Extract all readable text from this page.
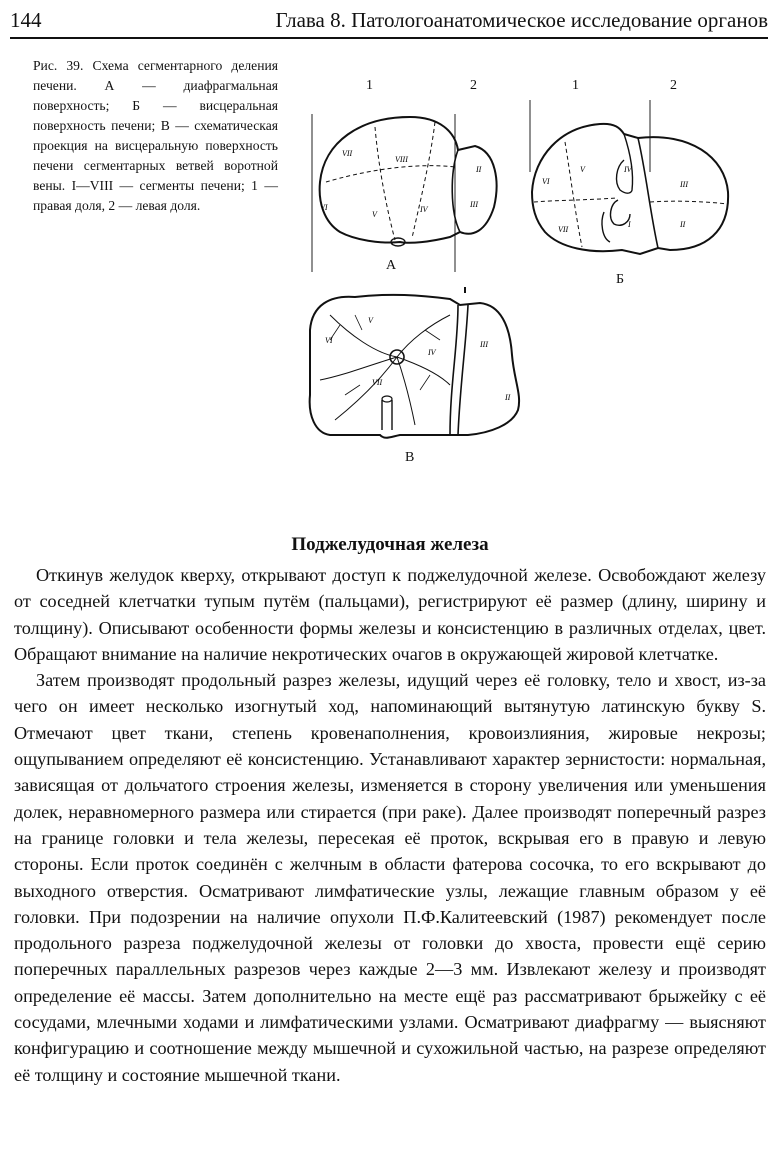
144	Глава 8. Патологоанатомическое исследование органов
Рис. 39. Схема сегментарного деления печени. А — диафрагмальная поверхность; Б — висцеральная поверхность печени; В — схематическая проекция на висцеральную поверхность печени сегментарных ветвей воротной вены. I—VIII — сегменты печени; 1 — правая доля, 2 — левая доля.
1	2
VII
VIII
II
VI
V
IV
III
А
1	2
VI
V	IV
III
VII
I	II
Б
VI
V
IV
III
VII
II
В
Поджелудочная железа

Откинув желудок кверху, открывают доступ к поджелудочной железе. Освобождают железу от соседней клетчатки тупым путём (пальцами), регистрируют её размер (длину, ширину и толщину). Описывают особенности формы железы и консистенцию в различных отделах, цвет. Обращают внимание на наличие некротических очагов в окружающей жировой клетчатке.

Затем производят продольный разрез железы, идущий через её головку, тело и хвост, из-за чего он имеет несколько изогнутый ход, напоминающий вытянутую латинскую букву S. Отмечают цвет ткани, степень кровенаполнения, кровоизлияния, жировые некрозы; ощупыванием определяют её консистенцию. Устанавливают характер зернистости: нормальная, зависящая от дольчатого строения железы, изменяется в сторону увеличения или уменьшения долек, неравномерного размера или стирается (при раке). Далее производят поперечный разрез на границе головки и тела железы, пересекая её проток, вскрывая его в правую и левую стороны. Если проток соединён с желчным в области фатерова сосочка, то его вскрывают до выходного отверстия. Осматривают лимфатические узлы, лежащие главным образом у её головки. При подозрении на наличие опухоли П.Ф.Калитеевский (1987) рекомендует после продольного разреза поджелудочной железы от головки до хвоста, провести ещё серию поперечных параллельных разрезов через каждые 2—3 мм. Извлекают железу и производят определение её массы. Затем дополнительно на месте ещё раз рассматривают брыжейку с её сосудами, млечными ходами и лимфатическими узлами. Осматривают диафрагму — выясняют конфигурацию и соотношение между мышечной и сухожильной частью, на разрезе определяют её толщину и состояние мышечной ткани.
